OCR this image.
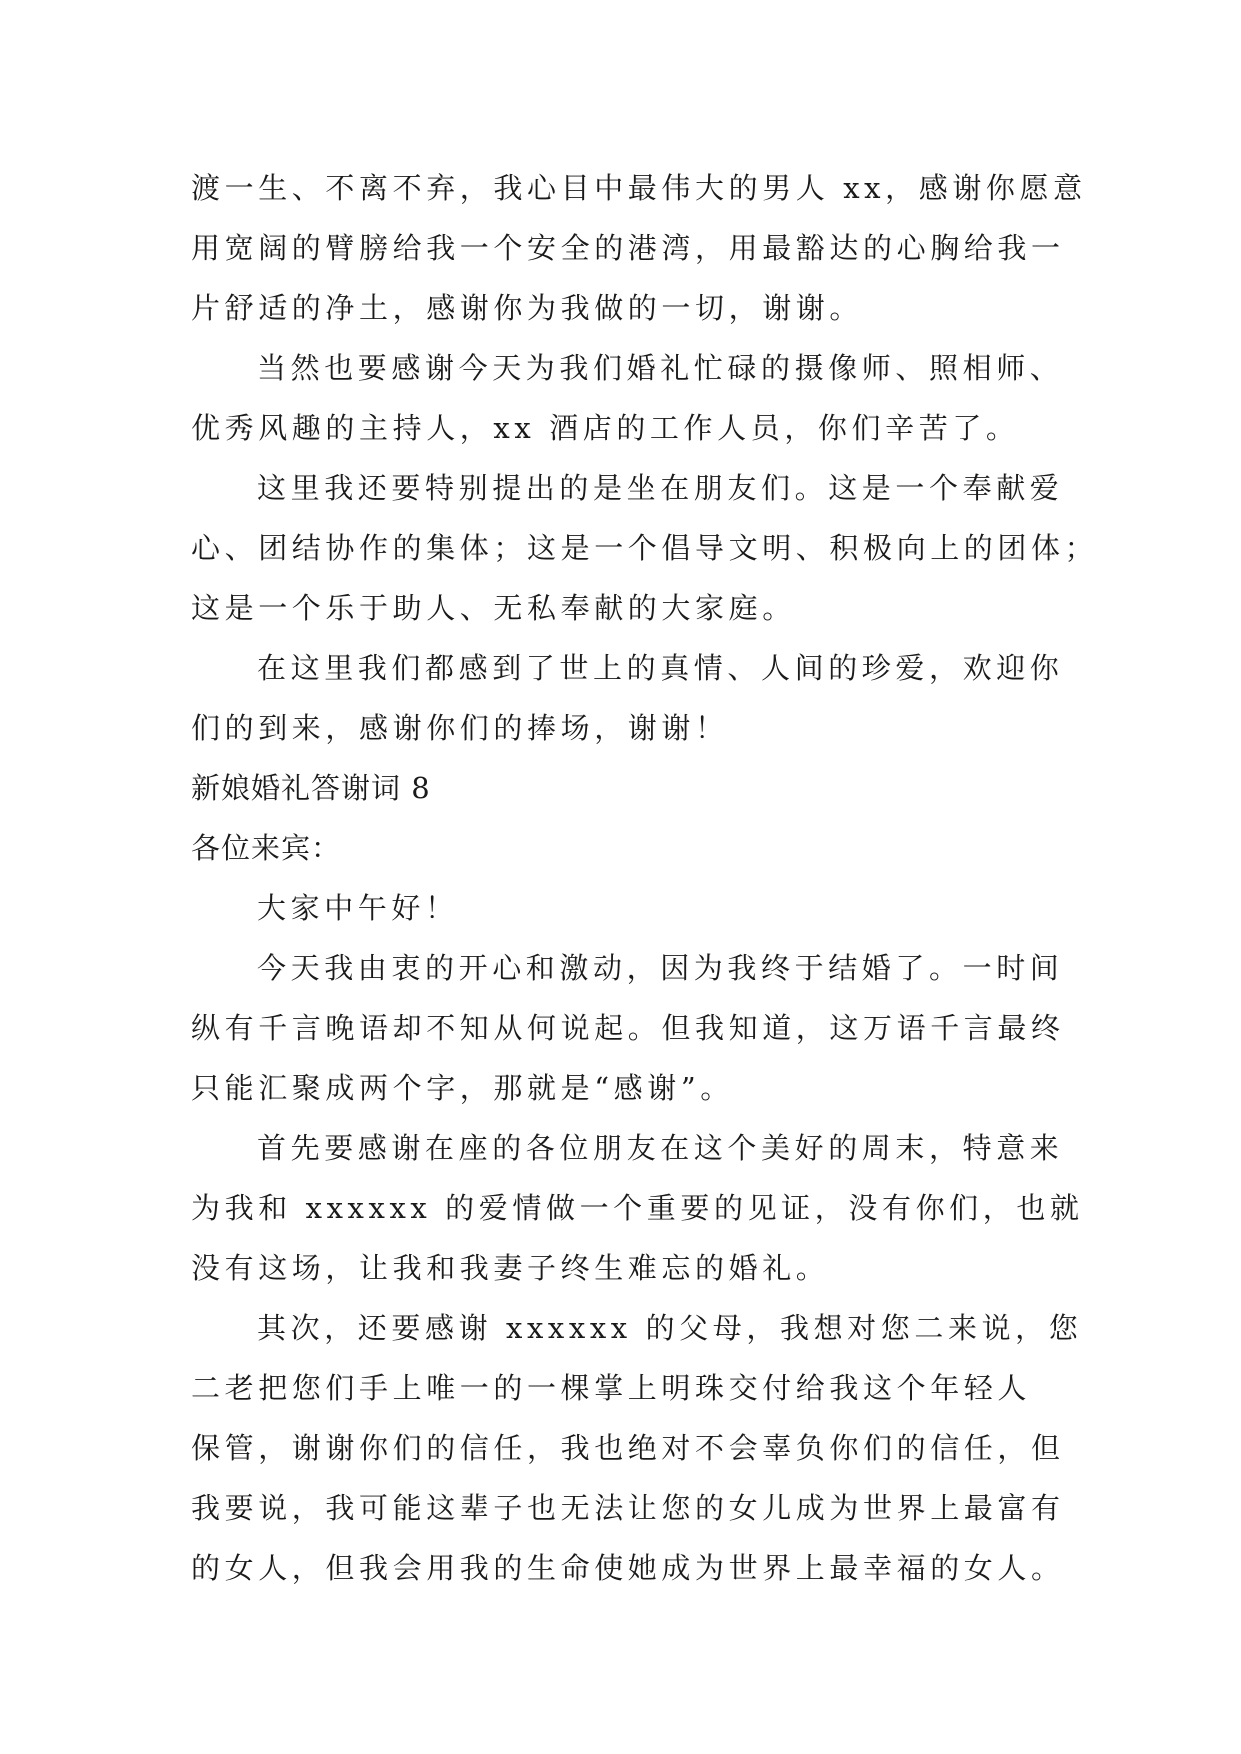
渡一生、不离不弃，我心目中最伟大的男人 xx，感谢你愿意
用宽阔的臂膀给我一个安全的港湾，用最豁达的心胸给我一
片舒适的净土，感谢你为我做的一切，谢谢。
当然也要感谢今天为我们婚礼忙碌的摄像师、照相师、
优秀风趣的主持人，xx 酒店的工作人员，你们辛苦了。
这里我还要特别提出的是坐在朋友们。这是一个奉献爱
心、团结协作的集体；这是一个倡导文明、积极向上的团体；
这是一个乐于助人、无私奉献的大家庭。
在这里我们都感到了世上的真情、人间的珍爱，欢迎你
们的到来，感谢你们的捧场，谢谢！
新娘婚礼答谢词 8
各位来宾：
大家中午好！
今天我由衷的开心和激动，因为我终于结婚了。一时间
纵有千言晚语却不知从何说起。但我知道，这万语千言最终
只能汇聚成两个字，那就是“感谢”。
首先要感谢在座的各位朋友在这个美好的周末，特意来
为我和 xxxxxx 的爱情做一个重要的见证，没有你们，也就
没有这场，让我和我妻子终生难忘的婚礼。
其次，还要感谢 xxxxxx 的父母，我想对您二来说，您
二老把您们手上唯一的一棵掌上明珠交付给我这个年轻人
保管，谢谢你们的信任，我也绝对不会辜负你们的信任，但
我要说，我可能这辈子也无法让您的女儿成为世界上最富有
的女人，但我会用我的生命使她成为世界上最幸福的女人。
